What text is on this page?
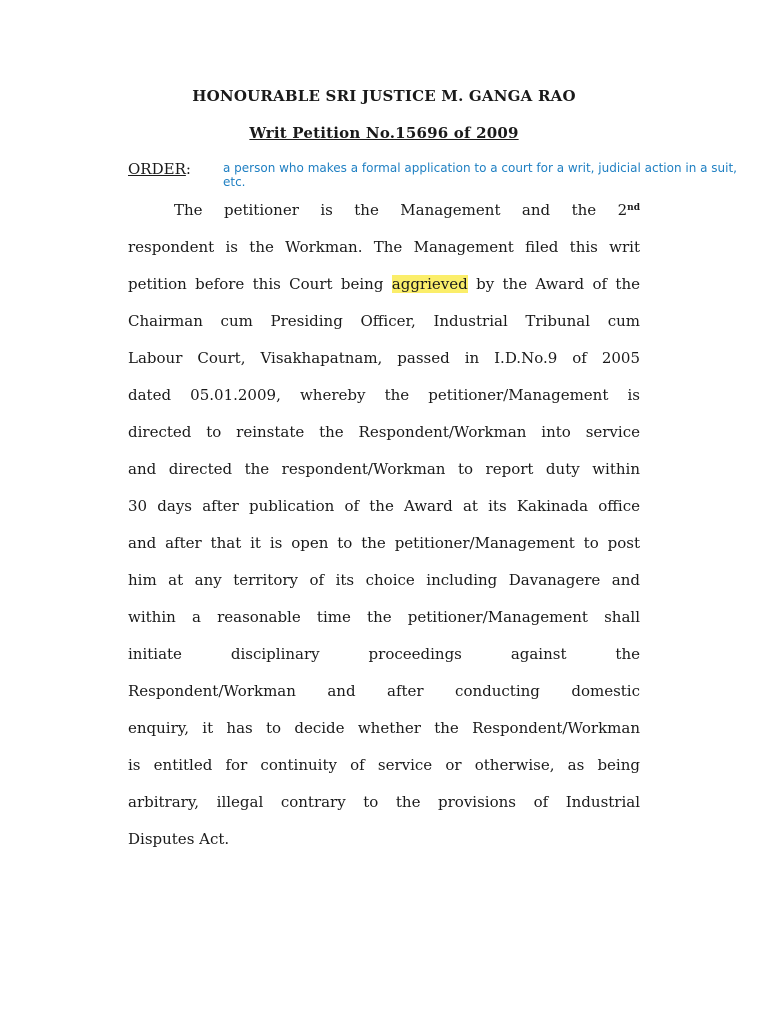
HONOURABLE SRI JUSTICE M. GANGA RAO
Writ Petition No.15696 of 2009
ORDER:	a person who makes a formal application to a court for a writ, judicial action in a suit, etc.
The petitioner is the Management and the 2nd
respondent is the Workman. The Management filed this writ
petition before this Court being aggrieved by the Award of the
Chairman cum Presiding Officer, Industrial Tribunal cum
Labour Court, Visakhapatnam, passed in I.D.No.9 of 2005
dated 05.01.2009, whereby the petitioner/Management is
directed to reinstate the Respondent/Workman into service
and directed the respondent/Workman to report duty within
30 days after publication of the Award at its Kakinada office
and after that it is open to the petitioner/Management to post
him at any territory of its choice including Davanagere and
within a reasonable time the petitioner/Management shall
initiate disciplinary proceedings against the
Respondent/Workman and after conducting domestic
enquiry, it has to decide whether the Respondent/Workman
is entitled for continuity of service or otherwise, as being
arbitrary, illegal contrary to the provisions of Industrial
Disputes Act.
